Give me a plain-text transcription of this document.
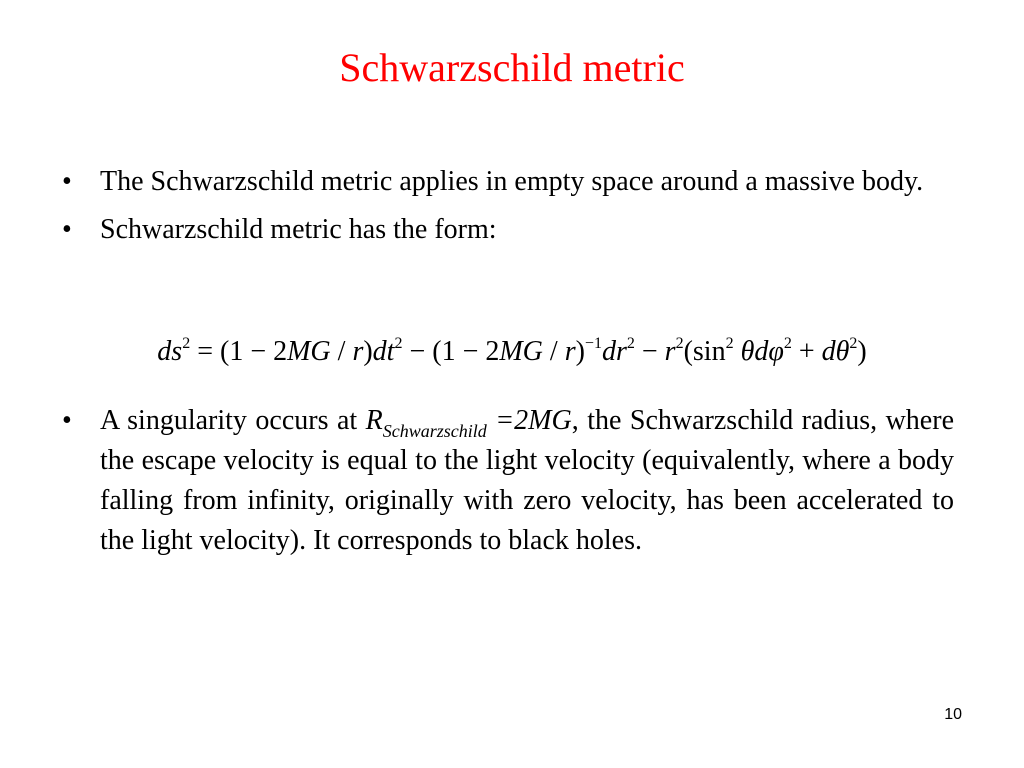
Schwarzschild metric
• The Schwarzschild metric applies in empty space around a massive body.
• Schwarzschild metric has the form:
$ds^2 = (1 - 2MG / r)dt^2 - (1 - 2MG / r)^{-1}dr^2 - r^2(\sin^2$ $\theta d\varphi^2 + d\theta^2$)
• A singularity occurs at $R_{Schwarzschild} =2MG$, the Schwarzschild radius, where the escape velocity is equal to the light velocity (equivalently, where a body falling from infinity, originally with zero velocity, has been accelerated to the light velocity). It corresponds to black holes.
10
